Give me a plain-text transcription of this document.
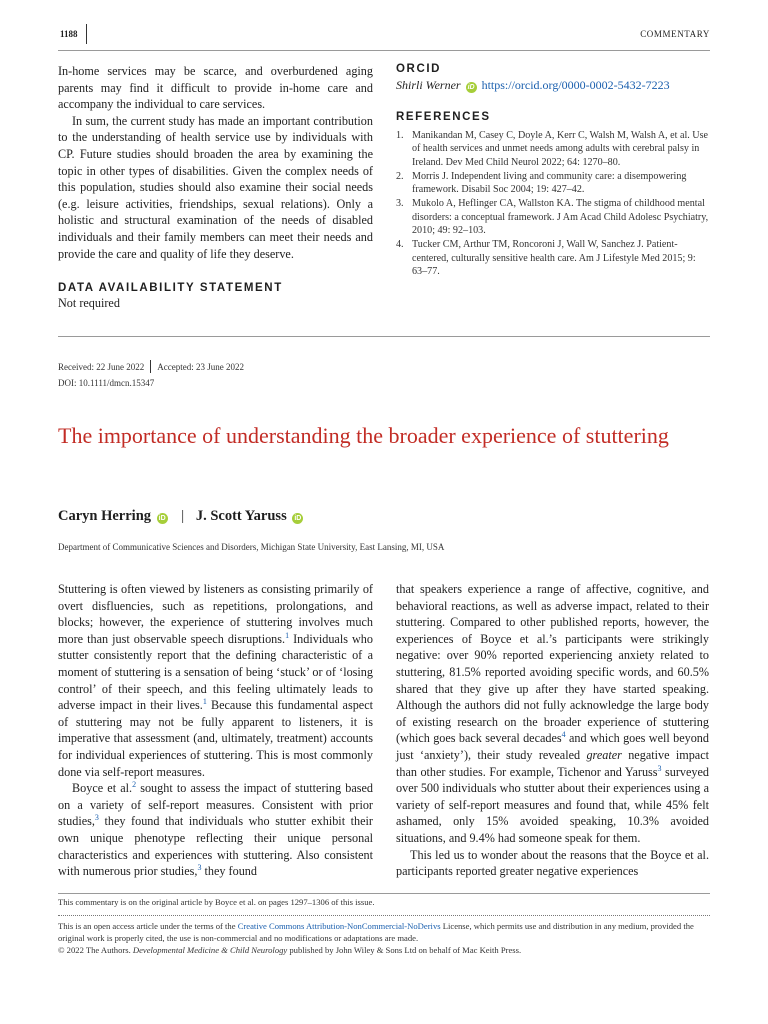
1188	COMMENTARY

In-home services may be scarce, and overburdened aging parents may find it difficult to provide in-home care and accompany the individual to care services.

In sum, the current study has made an important contribution to the understanding of health service use by individuals with CP. Future studies should broaden the area by examining the topic in other types of disabilities. Given the complex needs of this population, studies should also examine their social needs (e.g. leisure activities, friendships, sexual relations). Only a holistic and structural examination of the needs of disabled individuals and their family members can meet their needs and provide the care and quality of life they deserve.

DATA AVAILABILITY STATEMENT
Not required
ORCID
Shirli Werner iD https://orcid.org/0000-0002-5432-7223
REFERENCES
1. Manikandan M, Casey C, Doyle A, Kerr C, Walsh M, Walsh A, et al. Use of health services and unmet needs among adults with cerebral palsy in Ireland. Dev Med Child Neurol 2022; 64: 1270–80.
2. Morris J. Independent living and community care: a disempowering framework. Disabil Soc 2004; 19: 427–42.
3. Mukolo A, Heflinger CA, Wallston KA. The stigma of childhood mental disorders: a conceptual framework. J Am Acad Child Adolesc Psychiatry, 2010; 49: 92–103.
4. Tucker CM, Arthur TM, Roncoroni J, Wall W, Sanchez J. Patient-centered, culturally sensitive health care. Am J Lifestyle Med 2015; 9: 63–77.
Received: 22 June 2022 Accepted: 23 June 2022
DOI: 10.1111/dmcn.15347
The importance of understanding the broader experience of stuttering
Caryn Herring iD | J. Scott Yaruss iD
Department of Communicative Sciences and Disorders, Michigan State University, East Lansing, MI, USA

Stuttering is often viewed by listeners as consisting primarily of overt disfluencies, such as repetitions, prolongations, and blocks; however, the experience of stuttering involves much more than just observable speech disruptions.$^1$ Individuals who stutter consistently report that the defining characteristic of a moment of stuttering is a sensation of being ‘stuck’ or of ‘losing control’ of their speech, and this feeling ultimately leads to adverse impact in their lives.$^1$ Because this fundamental aspect of stuttering may not be fully apparent to listeners, it is imperative that assessment (and, ultimately, treatment) accounts for individual experiences of stuttering. This is most commonly done via self-report measures.

Boyce et al.$^2$ sought to assess the impact of stuttering based on a variety of self-report measures. Consistent with prior studies,$^3$ they found that individuals who stutter exhibit their own unique phenotype reflecting their unique personal characteristics and experiences with stuttering. Also consistent with numerous prior studies,$^3$ they found

that speakers experience a range of affective, cognitive, and behavioral reactions, as well as adverse impact, related to their stuttering. Compared to other published reports, however, the experiences of Boyce et al.’s participants were strikingly negative: over 90% reported experiencing anxiety related to stuttering, 81.5% reported avoiding specific words, and 60.5% shared that they give up after they have started speaking. Although the authors did not fully acknowledge the large body of existing research on the broader experience of stuttering (which goes back several decades$^4$ and which goes well beyond just ‘anxiety’), their study revealed greater negative impact than other studies. For example, Tichenor and Yaruss$^3$ surveyed over 500 individuals who stutter about their experiences using a variety of self-report measures and found that, while 45% felt ashamed, only 15% avoided speaking, 10.3% avoided situations, and 9.4% had someone speak for them.

This led us to wonder about the reasons that the Boyce et al. participants reported greater negative experiences

This commentary is on the original article by Boyce et al. on pages 1297–1306 of this issue.
This is an open access article under the terms of the Creative Commons Attribution-NonCommercial-NoDerivs License, which permits use and distribution in any medium, provided the original work is properly cited, the use is non-commercial and no modifications or adaptations are made.
© 2022 The Authors. Developmental Medicine & Child Neurology published by John Wiley & Sons Ltd on behalf of Mac Keith Press.
